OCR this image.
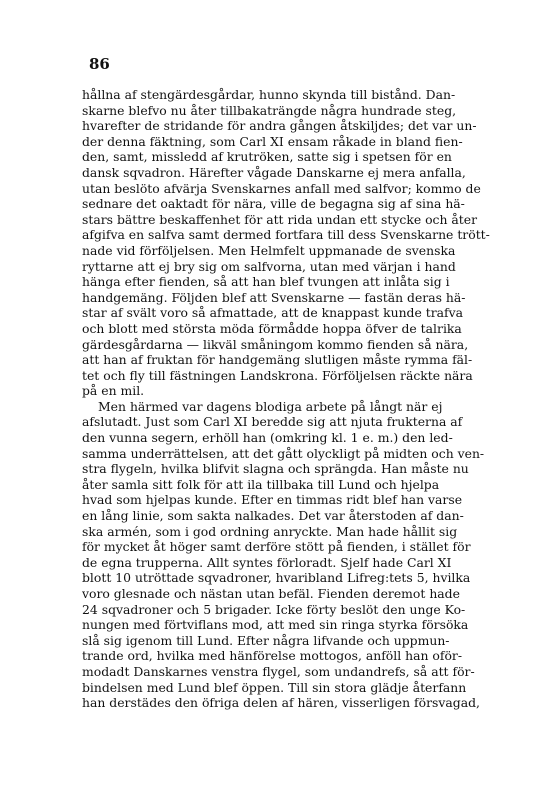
86
hållna af stengärdesgårdar, hunno skynda till bistånd. Dan-
skarne blefvo nu åter tillbakaträngde några hundrade steg,
hvarefter de stridande för andra gången åtskiljdes; det var un-
der denna fäktning, som Carl XI ensam råkade in bland fien-
den, samt, missledd af krutröken, satte sig i spetsen för en
dansk sqvadron. Härefter vågade Danskarne ej mera anfalla,
utan beslöto afvärja Svenskarnes anfall med salfvor; kommo de
sednare det oaktadt för nära, ville de begagna sig af sina hä-
stars bättre beskaffenhet för att rida undan ett stycke och åter
afgifva en salfva samt dermed fortfara till dess Svenskarne trött-
nade vid förföljelsen. Men Helmfelt uppmanade de svenska
ryttarne att ej bry sig om salfvorna, utan med värjan i hand
hänga efter fienden, så att han blef tvungen att inlåta sig i
handgemäng. Följden blef att Svenskarne — fastän deras hä-
star af svält voro så afmattade, att de knappast kunde trafva
och blott med största möda förmådde hoppa öfver de talrika
gärdesgårdarna — likväl småningom kommo fienden så nära,
att han af fruktan för handgemäng slutligen måste rymma fäl-
tet och fly till fästningen Landskrona. Förföljelsen räckte nära
på en mil.
Men härmed var dagens blodiga arbete på långt när ej
afslutadt. Just som Carl XI beredde sig att njuta frukterna af
den vunna segern, erhöll han (omkring kl. 1 e. m.) den led-
samma underrättelsen, att det gått olyckligt på midten och ven-
stra flygeln, hvilka blifvit slagna och sprängda. Han måste nu
åter samla sitt folk för att ila tillbaka till Lund och hjelpa
hvad som hjelpas kunde. Efter en timmas ridt blef han varse
en lång linie, som sakta nalkades. Det var återstoden af dan-
ska armén, som i god ordning anryckte. Man hade hållit sig
för mycket åt höger samt derföre stött på fienden, i stället för
de egna trupperna. Allt syntes förloradt. Sjelf hade Carl XI
blott 10 utröttade sqvadroner, hvaribland Lifreg:tets 5, hvilka
voro glesnade och nästan utan befäl. Fienden deremot hade
24 sqvadroner och 5 brigader. Icke förty beslöt den unge Ko-
nungen med förtviflans mod, att med sin ringa styrka försöka
slå sig igenom till Lund. Efter några lifvande och uppmun-
trande ord, hvilka med hänförelse mottogos, anföll han oför-
modadt Danskarnes venstra flygel, som undandrefs, så att för-
bindelsen med Lund blef öppen. Till sin stora glädje återfann
han derstädes den öfriga delen af hären, visserligen försvagad,
